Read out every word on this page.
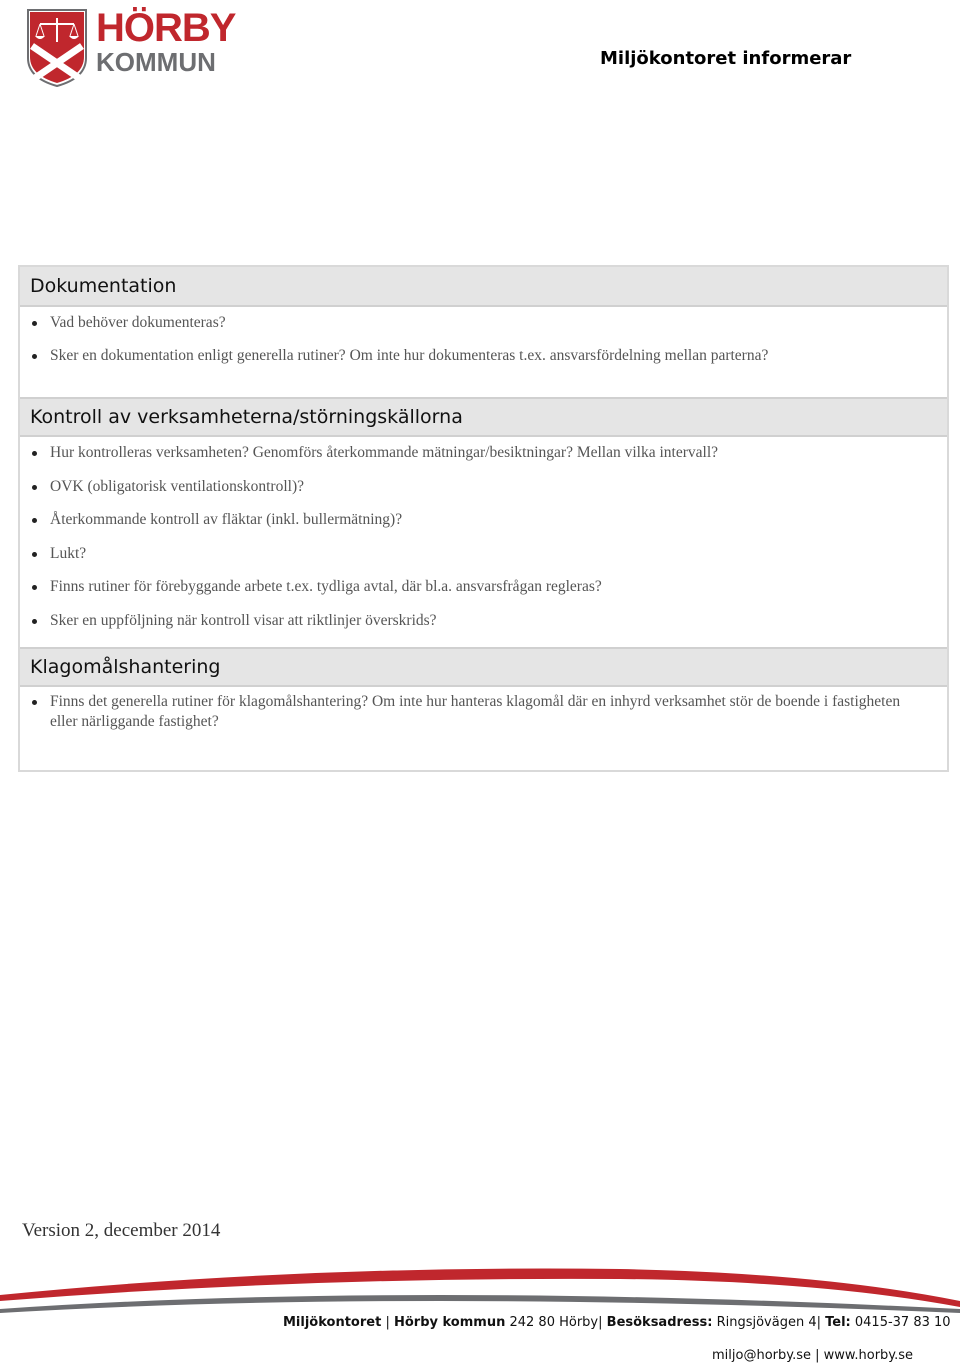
HÖRBY
KOMMUN	Miljökontoret informerar
Dokumentation
Vad behöver dokumenteras?
Sker en dokumentation enligt generella rutiner? Om inte hur dokumenteras t.ex. ansvarsfördelning mellan parterna?
Kontroll av verksamheterna/störningskällorna
Hur kontrolleras verksamheten? Genomförs återkommande mätningar/besiktningar? Mellan vilka intervall?
OVK (obligatorisk ventilationskontroll)?
Återkommande kontroll av fläktar (inkl. bullermätning)?
Lukt?
Finns rutiner för förebyggande arbete t.ex. tydliga avtal, där bl.a. ansvarsfrågan regleras?
Sker en uppföljning när kontroll visar att riktlinjer överskrids?
Klagomålshantering
Finns det generella rutiner för klagomålshantering? Om inte hur hanteras klagomål där en inhyrd verksamhet stör de boende i fastigheten eller närliggande fastighet?
Version 2, december 2014
Miljökontoret | Hörby kommun 242 80 Hörby| Besöksadress: Ringsjövägen 4| Tel: 0415-37 83 10
miljo@horby.se | www.horby.se
